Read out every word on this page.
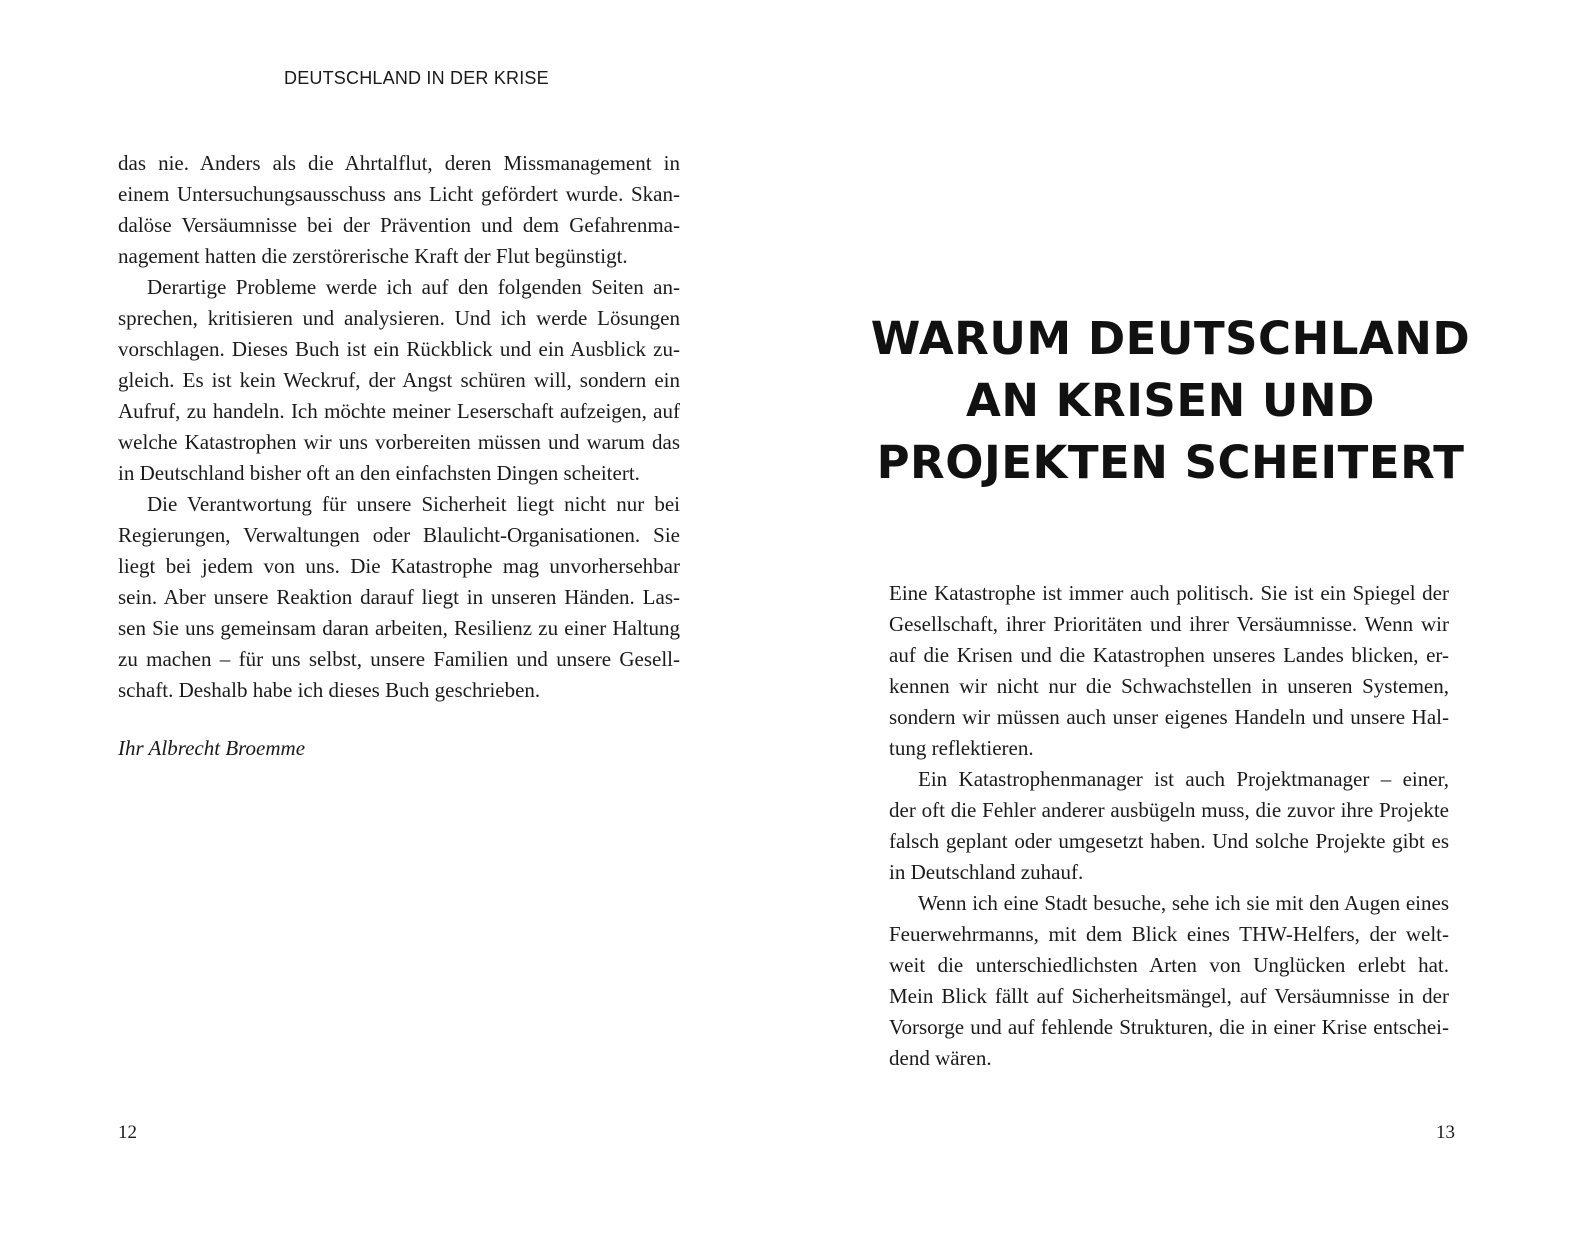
DEUTSCHLAND IN DER KRISE
das nie. Anders als die Ahrtalflut, deren Missmanagement in
einem Untersuchungsausschuss ans Licht gefördert wurde. Skan-
dalöse Versäumnisse bei der Prävention und dem Gefahrenma-
nagement hatten die zerstörerische Kraft der Flut begünstigt.
Derartige Probleme werde ich auf den folgenden Seiten an-
sprechen, kritisieren und analysieren. Und ich werde Lösungen
vorschlagen. Dieses Buch ist ein Rückblick und ein Ausblick zu-
gleich. Es ist kein Weckruf, der Angst schüren will, sondern ein
Aufruf, zu handeln. Ich möchte meiner Leserschaft aufzeigen, auf
welche Katastrophen wir uns vorbereiten müssen und warum das
in Deutschland bisher oft an den einfachsten Dingen scheitert.
Die Verantwortung für unsere Sicherheit liegt nicht nur bei
Regierungen, Verwaltungen oder Blaulicht-Organisationen. Sie
liegt bei jedem von uns. Die Katastrophe mag unvorhersehbar
sein. Aber unsere Reaktion darauf liegt in unseren Händen. Las-
sen Sie uns gemeinsam daran arbeiten, Resilienz zu einer Haltung
zu machen – für uns selbst, unsere Familien und unsere Gesell-
schaft. Deshalb habe ich dieses Buch geschrieben.
Ihr Albrecht Broemme
12
WARUM DEUTSCHLAND
AN KRISEN UND
PROJEKTEN SCHEITERT
Eine Katastrophe ist immer auch politisch. Sie ist ein Spiegel der
Gesellschaft, ihrer Prioritäten und ihrer Versäumnisse. Wenn wir
auf die Krisen und die Katastrophen unseres Landes blicken, er-
kennen wir nicht nur die Schwachstellen in unseren Systemen,
sondern wir müssen auch unser eigenes Handeln und unsere Hal-
tung reflektieren.
Ein Katastrophenmanager ist auch Projektmanager – einer,
der oft die Fehler anderer ausbügeln muss, die zuvor ihre Projekte
falsch geplant oder umgesetzt haben. Und solche Projekte gibt es
in Deutschland zuhauf.
Wenn ich eine Stadt besuche, sehe ich sie mit den Augen eines
Feuerwehrmanns, mit dem Blick eines THW-Helfers, der welt-
weit die unterschiedlichsten Arten von Unglücken erlebt hat.
Mein Blick fällt auf Sicherheitsmängel, auf Versäumnisse in der
Vorsorge und auf fehlende Strukturen, die in einer Krise entschei-
dend wären.
13
